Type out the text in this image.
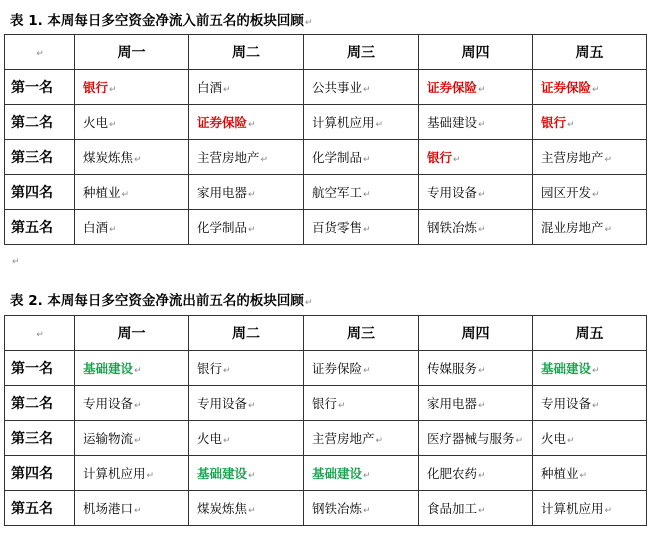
表 1. 本周每日多空资金净流入前五名的板块回顾↵
↵	周一	周二	周三	周四	周五
第一名	银行↵	白酒↵	公共事业↵	证券保险↵	证券保险↵
第二名	火电↵	证券保险↵	计算机应用↵	基础建设↵	银行↵
第三名	煤炭炼焦↵	主营房地产↵	化学制品↵	银行↵	主营房地产↵
第四名	种植业↵	家用电器↵	航空军工↵	专用设备↵	园区开发↵
第五名	白酒↵	化学制品↵	百货零售↵	钢铁冶炼↵	混业房地产↵
↵
表 2. 本周每日多空资金净流出前五名的板块回顾↵
↵	周一	周二	周三	周四	周五
第一名	基础建设↵	银行↵	证券保险↵	传媒服务↵	基础建设↵
第二名	专用设备↵	专用设备↵	银行↵	家用电器↵	专用设备↵
第三名	运输物流↵	火电↵	主营房地产↵	医疗器械与服务↵	火电↵
第四名	计算机应用↵	基础建设↵	基础建设↵	化肥农药↵	种植业↵
第五名	机场港口↵	煤炭炼焦↵	钢铁冶炼↵	食品加工↵	计算机应用↵
